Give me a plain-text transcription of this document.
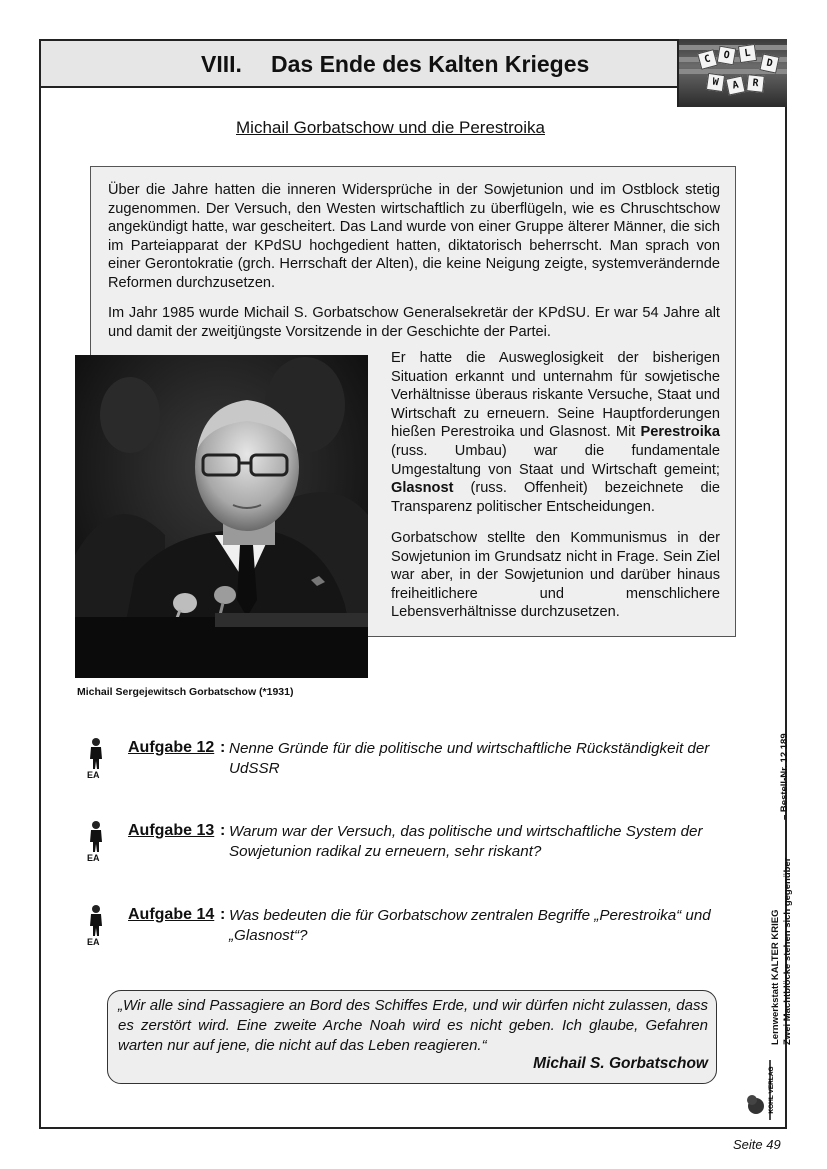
VIII. Das Ende des Kalten Krieges	C	O	L
D
W	A	R
Michail Gorbatschow und die Perestroika

Über die Jahre hatten die inneren Widersprüche in der Sowjetunion und im Ostblock stetig zugenommen. Der Versuch, den Westen wirtschaftlich zu überflügeln, wie es Chruschtschow angekündigt hatte, war gescheitert. Das Land wurde von einer Gruppe älterer Männer, die sich im Parteiapparat der KPdSU hochgedient hatten, diktatorisch beherrscht. Man sprach von einer Gerontokratie (grch. Herrschaft der Alten), die keine Neigung zeigte, systemverändernde Reformen durchzusetzen.

Im Jahr 1985 wurde Michail S. Gorbatschow Generalsekretär der KPdSU. Er war 54 Jahre alt und damit der zweitjüngste Vorsitzende in der Geschichte der Partei.

Er hatte die Ausweglosigkeit der bisherigen Situation erkannt und unternahm für sowjetische Verhältnisse überaus riskante Versuche, Staat und Wirtschaft zu erneuern. Seine Hauptforderungen hießen Perestroika und Glasnost. Mit Perestroika (russ. Umbau) war die fundamentale Umgestaltung von Staat und Wirtschaft gemeint; Glasnost (russ. Offenheit) bezeichnete die Transparenz politischer Entscheidungen.

Gorbatschow stellte den Kommunismus in der Sowjetunion im Grundsatz nicht in Frage. Sein Ziel war aber, in der Sowjetunion und darüber hinaus freiheitlichere und menschlichere Lebensverhältnisse durchzusetzen.

Michail Sergejewitsch Gorbatschow (*1931)
EA
Aufgabe 12 : Nenne Gründe für die politische und wirtschaftliche Rückständigkeit der UdSSR

EA
Aufgabe 13 : Warum war der Versuch, das politische und wirtschaftliche System der Sowjetunion radikal zu erneuern, sehr riskant?

EA
Aufgabe 14 : Was bedeuten die für Gorbatschow zentralen Begriffe „Perestroika“ und „Glasnost“?

„Wir alle sind Passagiere an Bord des Schiffes Erde, und wir dürfen nicht zulassen, dass es zerstört wird. Eine zweite Arche Noah wird es nicht geben. Ich glaube, Gefahren warten nur auf jene, die nicht auf das Leben reagieren.“

Michail S. Gorbatschow
Lernwerkstatt KALTER KRIEG Zwei Machtblöcke stehen sich gegenüber
– Bestell-Nr. 12 189
KOHL VERLAG
Seite 49
